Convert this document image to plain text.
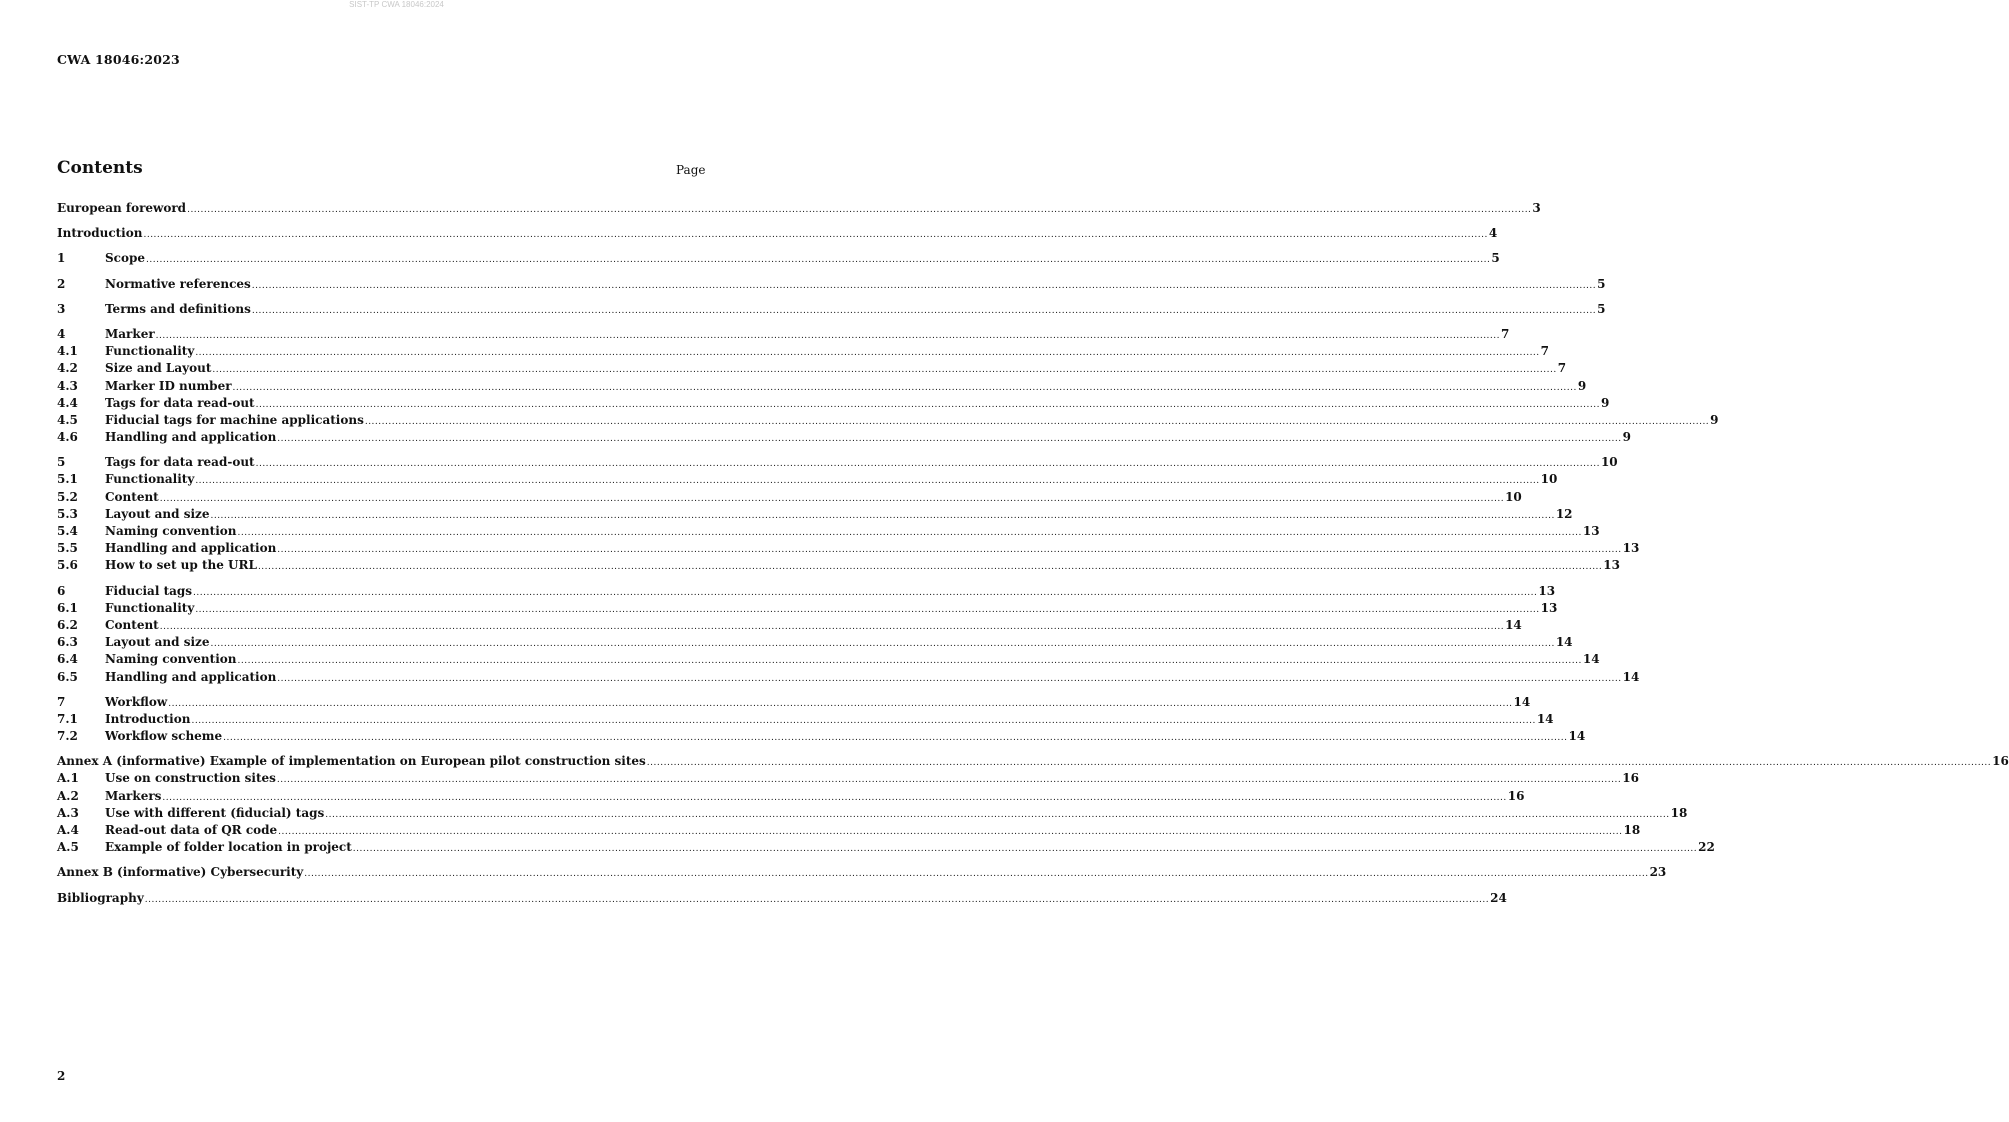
SIST-TP CWA 18046:2024
CWA 18046:2023
Contents	Page
European foreword ................................................................................................................................................................................................................................................................................................................................................................................................................ 3
Introduction ................................................................................................................................................................................................................................................................................................................................................................................................................ 4
1	Scope ................................................................................................................................................................................................................................................................................................................................................................................................................ 5
2	Normative references ................................................................................................................................................................................................................................................................................................................................................................................................................ 5
3	Terms and definitions ................................................................................................................................................................................................................................................................................................................................................................................................................ 5
4	Marker ................................................................................................................................................................................................................................................................................................................................................................................................................ 7
4.1	Functionality ................................................................................................................................................................................................................................................................................................................................................................................................................ 7
4.2	Size and Layout ................................................................................................................................................................................................................................................................................................................................................................................................................ 7
4.3	Marker ID number ................................................................................................................................................................................................................................................................................................................................................................................................................ 9
4.4	Tags for data read-out ................................................................................................................................................................................................................................................................................................................................................................................................................ 9
4.5	Fiducial tags for machine applications ................................................................................................................................................................................................................................................................................................................................................................................................................ 9
4.6	Handling and application ................................................................................................................................................................................................................................................................................................................................................................................................................ 9
5	Tags for data read-out ................................................................................................................................................................................................................................................................................................................................................................................................................ 10
5.1	Functionality ................................................................................................................................................................................................................................................................................................................................................................................................................ 10
5.2	Content ................................................................................................................................................................................................................................................................................................................................................................................................................ 10
5.3	Layout and size ................................................................................................................................................................................................................................................................................................................................................................................................................ 12
5.4	Naming convention ................................................................................................................................................................................................................................................................................................................................................................................................................ 13
5.5	Handling and application ................................................................................................................................................................................................................................................................................................................................................................................................................ 13
5.6	How to set up the URL ................................................................................................................................................................................................................................................................................................................................................................................................................ 13
6	Fiducial tags ................................................................................................................................................................................................................................................................................................................................................................................................................ 13
6.1	Functionality ................................................................................................................................................................................................................................................................................................................................................................................................................ 13
6.2	Content ................................................................................................................................................................................................................................................................................................................................................................................................................ 14
6.3	Layout and size ................................................................................................................................................................................................................................................................................................................................................................................................................ 14
6.4	Naming convention ................................................................................................................................................................................................................................................................................................................................................................................................................ 14
6.5	Handling and application ................................................................................................................................................................................................................................................................................................................................................................................................................ 14
7	Workflow ................................................................................................................................................................................................................................................................................................................................................................................................................ 14
7.1	Introduction ................................................................................................................................................................................................................................................................................................................................................................................................................ 14
7.2	Workflow scheme ................................................................................................................................................................................................................................................................................................................................................................................................................ 14
Annex A (informative) Example of implementation on European pilot construction sites ................................................................................................................................................................................................................................................................................................................................................................................................................ 16
A.1	Use on construction sites ................................................................................................................................................................................................................................................................................................................................................................................................................ 16
A.2	Markers ................................................................................................................................................................................................................................................................................................................................................................................................................ 16
A.3	Use with different (fiducial) tags ................................................................................................................................................................................................................................................................................................................................................................................................................ 18
A.4	Read-out data of QR code ................................................................................................................................................................................................................................................................................................................................................................................................................ 18
A.5	Example of folder location in project ................................................................................................................................................................................................................................................................................................................................................................................................................ 22
Annex B (informative) Cybersecurity ................................................................................................................................................................................................................................................................................................................................................................................................................ 23
Bibliography ................................................................................................................................................................................................................................................................................................................................................................................................................ 24
2
